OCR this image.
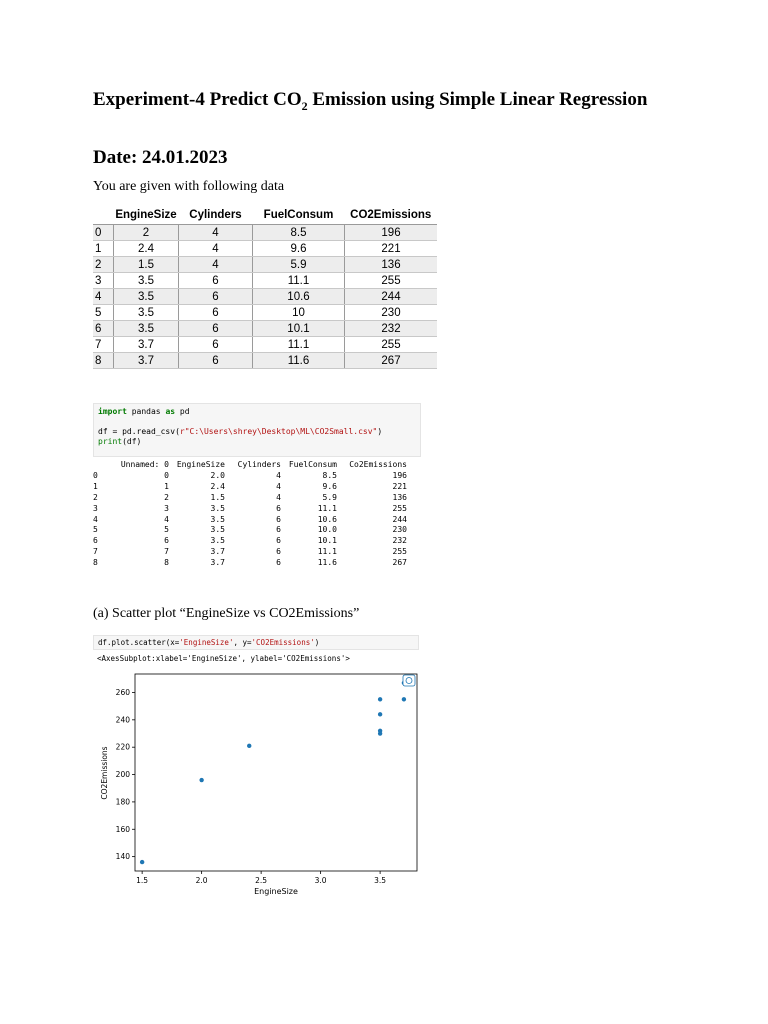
Experiment-4 Predict $CO_2$ Emission using Simple Linear Regression
Date: 24.01.2023
You are given with following data
	EngineSize	Cylinders	FuelConsum	CO2Emissions
0	2	4	8.5	196
1	2.4	4	9.6	221
2	1.5	4	5.9	136
3	3.5	6	11.1	255
4	3.5	6	10.6	244
5	3.5	6	10	230
6	3.5	6	10.1	232
7	3.7	6	11.1	255
8	3.7	6	11.6	267
import pandas as pd

df = pd.read_csv(r"C:\Users\shrey\Desktop\ML\CO2Small.csv")
print(df)
	Unnamed: 0	EngineSize	Cylinders	FuelConsum	Co2Emissions
0	0	2.0	4	8.5	196
1	1	2.4	4	9.6	221
2	2	1.5	4	5.9	136
3	3	3.5	6	11.1	255
4	4	3.5	6	10.6	244
5	5	3.5	6	10.0	230
6	6	3.5	6	10.1	232
7	7	3.7	6	11.1	255
8	8	3.7	6	11.6	267
(a) Scatter plot “EngineSize vs CO2Emissions”
df.plot.scatter(x='EngineSize', y='CO2Emissions')
<AxesSubplot:xlabel='EngineSize', ylabel='CO2Emissions'>
1.5	2.0	2.5	3.0	3.5
140
160
180
200
220
240
260
EngineSize
CO2Emissions
